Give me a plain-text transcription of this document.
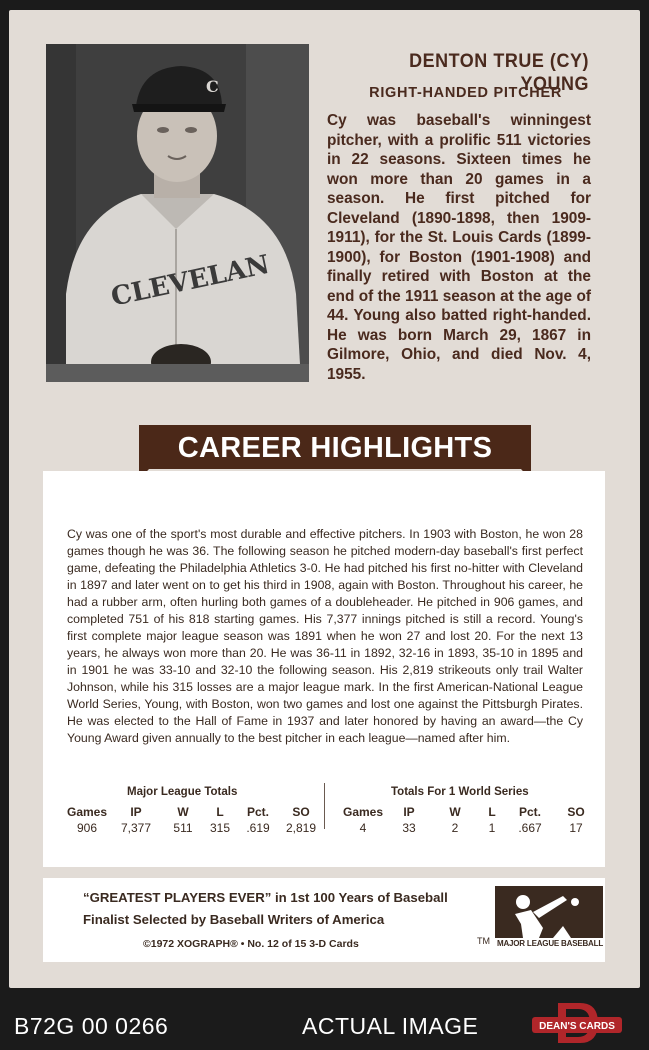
C
CLEVELAN
DENTON TRUE (CY) YOUNG
RIGHT-HANDED PITCHER
Cy was baseball's winningest pitcher, with a prolific 511 victories in 22 seasons. Sixteen times he won more than 20 games in a season. He first pitched for Cleveland (1890-1898, then 1909-1911), for the St. Louis Cards (1899-1900), for Boston (1901-1908) and finally retired with Boston at the end of the 1911 season at the age of 44. Young also batted right-handed. He was born March 29, 1867 in Gilmore, Ohio, and died Nov. 4, 1955.
CAREER HIGHLIGHTS
Cy was one of the sport's most durable and effective pitchers. In 1903 with Boston, he won 28 games though he was 36. The following season he pitched modern-day baseball's first perfect game, defeating the Philadelphia Athletics 3-0. He had pitched his first no-hitter with Cleveland in 1897 and later went on to get his third in 1908, again with Boston. Throughout his career, he had a rubber arm, often hurling both games of a doubleheader. He pitched in 906 games, and completed 751 of his 818 starting games. His 7,377 innings pitched is still a record. Young's first complete major league season was 1891 when he won 27 and lost 20. For the next 13 years, he always won more than 20. He was 36-11 in 1892, 32-16 in 1893, 35-10 in 1895 and in 1901 he was 33-10 and 32-10 the following season. His 2,819 strikeouts only trail Walter Johnson, while his 315 losses are a major league mark. In the first American-National League World Series, Young, with Boston, won two games and lost one against the Pittsburgh Pirates. He was elected to the Hall of Fame in 1937 and later honored by having an award—the Cy Young Award given annually to the best pitcher in each league—named after him.
Major League Totals
Games	IP	W	L	Pct.	SO
906	7,377	511	315	.619	2,819
Totals For 1 World Series
Games	IP	W	L	Pct.	SO
4	33	2	1	.667	17
“GREATEST PLAYERS EVER” in 1st 100 Years of Baseball
Finalist Selected by Baseball Writers of America
©1972 XOGRAPH® • No. 12 of 15 3-D Cards	TM MAJOR LEAGUE BASEBALL
B72G 00 0266	ACTUAL IMAGE	DEAN'S CARDS
